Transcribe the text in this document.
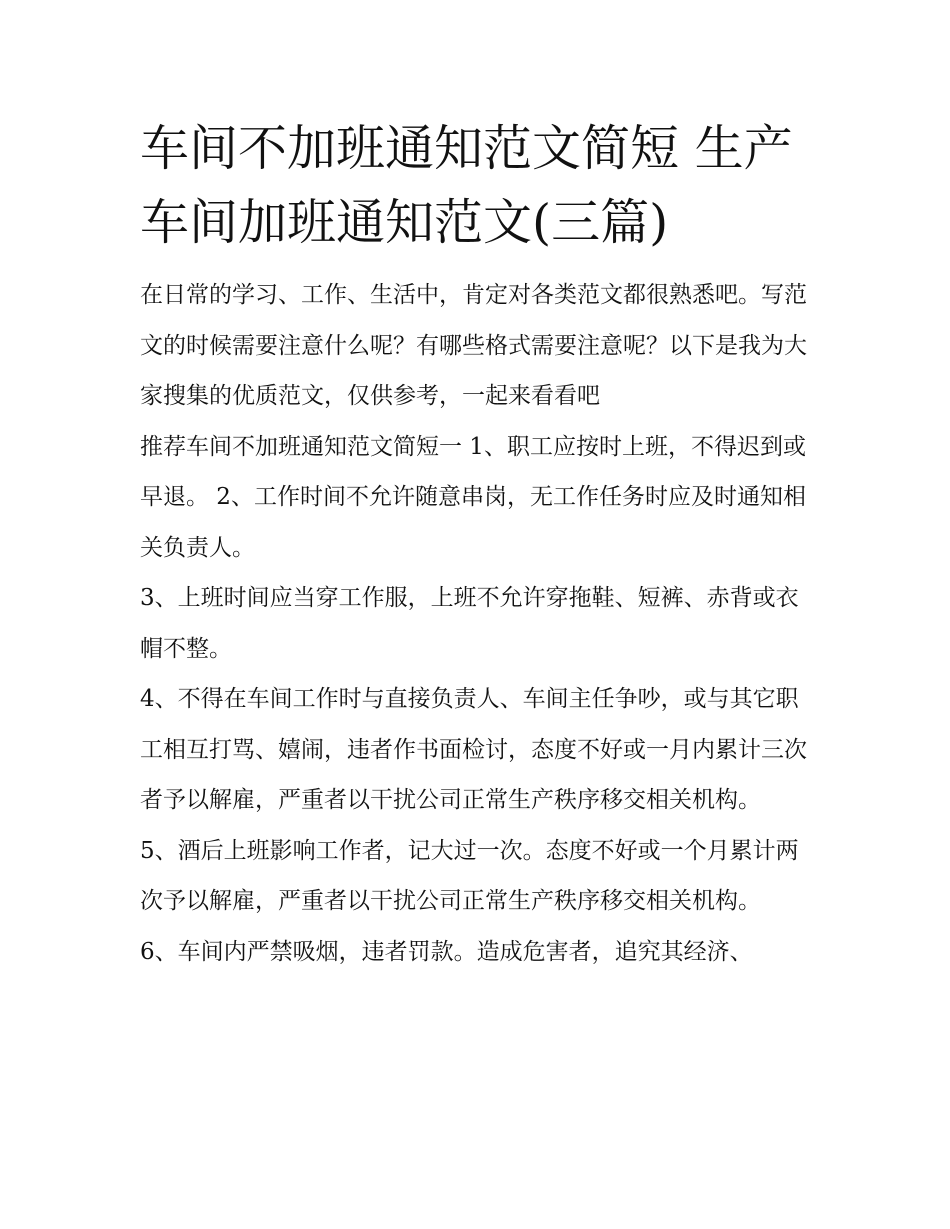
车间不加班通知范文简短 生产车间加班通知范文(三篇)

在日常的学习、工作、生活中，肯定对各类范文都很熟悉吧。写范文的时候需要注意什么呢？有哪些格式需要注意呢？以下是我为大家搜集的优质范文，仅供参考，一起来看看吧

推荐车间不加班通知范文简短一 1、职工应按时上班，不得迟到或早退。 2、工作时间不允许随意串岗，无工作任务时应及时通知相关负责人。

3、上班时间应当穿工作服，上班不允许穿拖鞋、短裤、赤背或衣帽不整。

4、不得在车间工作时与直接负责人、车间主任争吵，或与其它职工相互打骂、嬉闹，违者作书面检讨，态度不好或一月内累计三次者予以解雇，严重者以干扰公司正常生产秩序移交相关机构。

5、酒后上班影响工作者，记大过一次。态度不好或一个月累计两次予以解雇，严重者以干扰公司正常生产秩序移交相关机构。

6、车间内严禁吸烟，违者罚款。造成危害者，追究其经济、
